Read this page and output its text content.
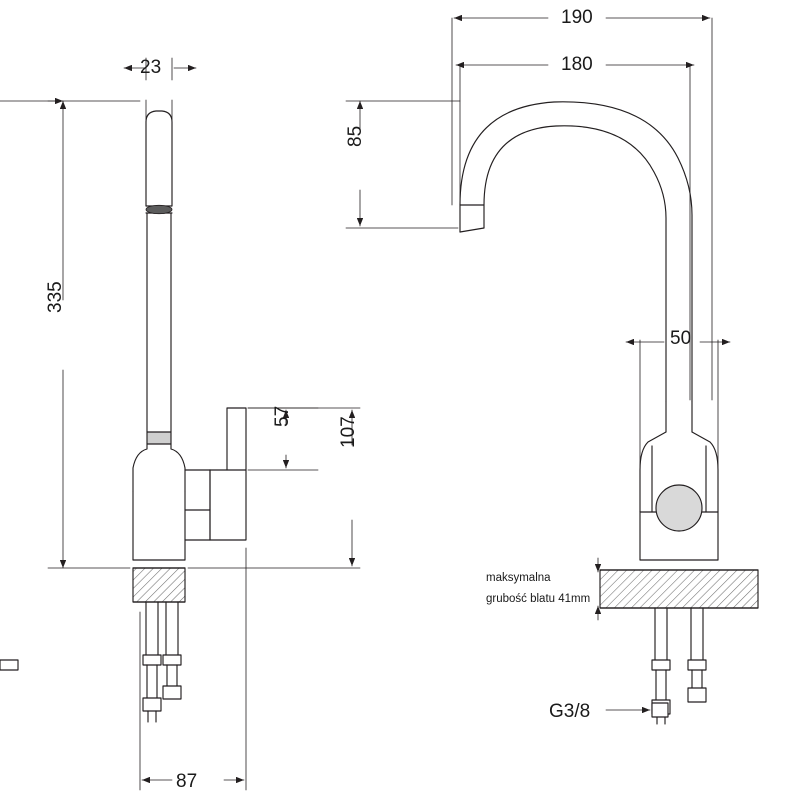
23
335
87
57 107
190
180
85
50
G3/8
maksymalna
grubość blatu 41mm
